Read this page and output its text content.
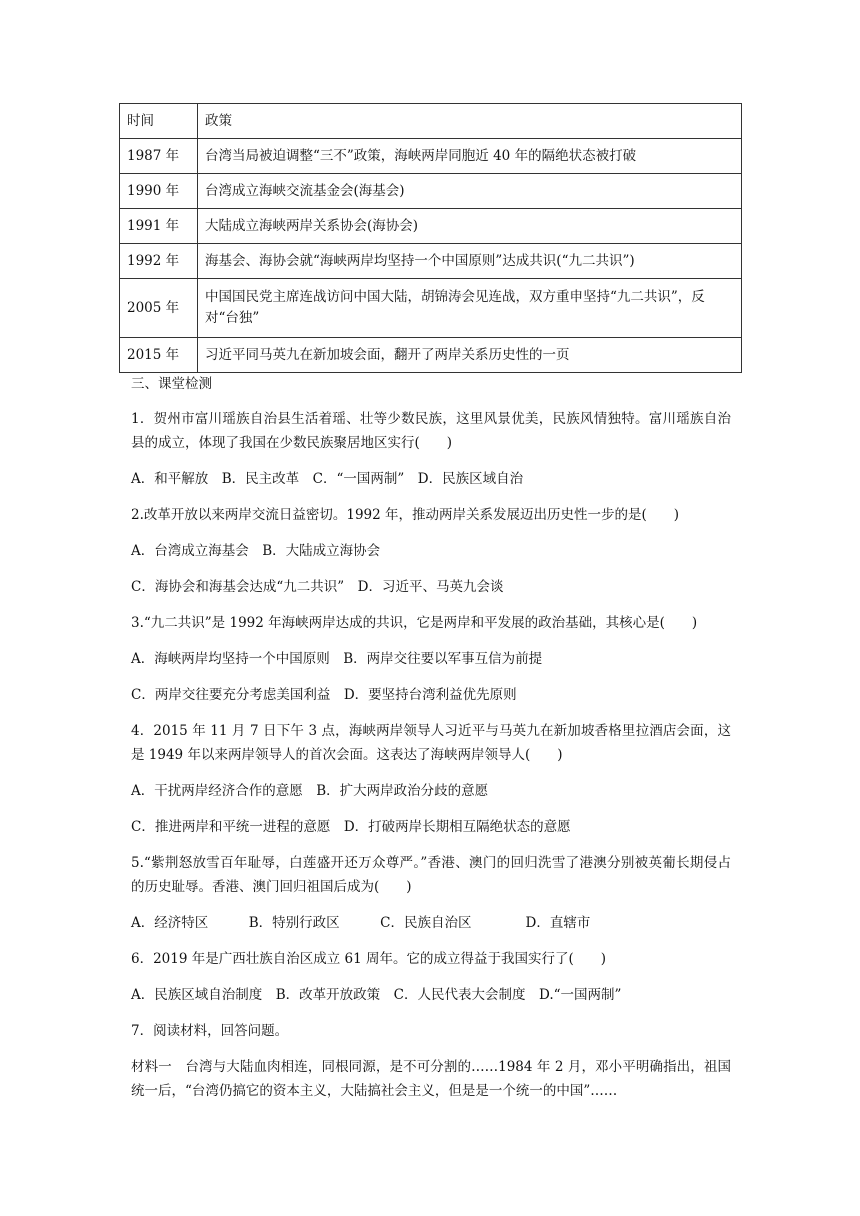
时间	政策
1987 年	台湾当局被迫调整“三不”政策，海峡两岸同胞近 40 年的隔绝状态被打破
1990 年	台湾成立海峡交流基金会(海基会)
1991 年	大陆成立海峡两岸关系协会(海协会)
1992 年	海基会、海协会就“海峡两岸均坚持一个中国原则”达成共识(“九二共识”)
2005 年	中国国民党主席连战访问中国大陆，胡锦涛会见连战，双方重申坚持“九二共识”，反对“台独”
2015 年	习近平同马英九在新加坡会面，翻开了两岸关系历史性的一页

三、课堂检测

1．贺州市富川瑶族自治县生活着瑶、壮等少数民族，这里风景优美，民族风情独特。富川瑶族自治县的成立，体现了我国在少数民族聚居地区实行(　　)

A．和平解放　B．民主改革　C．“一国两制”　D．民族区域自治

2.改革开放以来两岸交流日益密切。1992 年，推动两岸关系发展迈出历史性一步的是(　　)

A．台湾成立海基会　B．大陆成立海协会

C．海协会和海基会达成“九二共识”　D．习近平、马英九会谈

3.“九二共识”是 1992 年海峡两岸达成的共识，它是两岸和平发展的政治基础，其核心是(　　)

A．海峡两岸均坚持一个中国原则　B．两岸交往要以军事互信为前提

C．两岸交往要充分考虑美国利益　D．要坚持台湾利益优先原则

4．2015 年 11 月 7 日下午 3 点，海峡两岸领导人习近平与马英九在新加坡香格里拉酒店会面，这是 1949 年以来两岸领导人的首次会面。这表达了海峡两岸领导人(　　)

A．干扰两岸经济合作的意愿　B．扩大两岸政治分歧的意愿

C．推进两岸和平统一进程的意愿　D．打破两岸长期相互隔绝状态的意愿

5.“紫荆怒放雪百年耻辱，白莲盛开还万众尊严。”香港、澳门的回归洗雪了港澳分别被英葡长期侵占的历史耻辱。香港、澳门回归祖国后成为(　　)

A．经济特区　　　B．特别行政区　　　C．民族自治区　　　　D．直辖市

6．2019 年是广西壮族自治区成立 61 周年。它的成立得益于我国实行了(　　)

A．民族区域自治制度　B．改革开放政策　C．人民代表大会制度　D.“一国两制”

7．阅读材料，回答问题。

材料一　台湾与大陆血肉相连，同根同源，是不可分割的……1984 年 2 月，邓小平明确指出，祖国统一后，“台湾仍搞它的资本主义，大陆搞社会主义，但是是一个统一的中国”……
